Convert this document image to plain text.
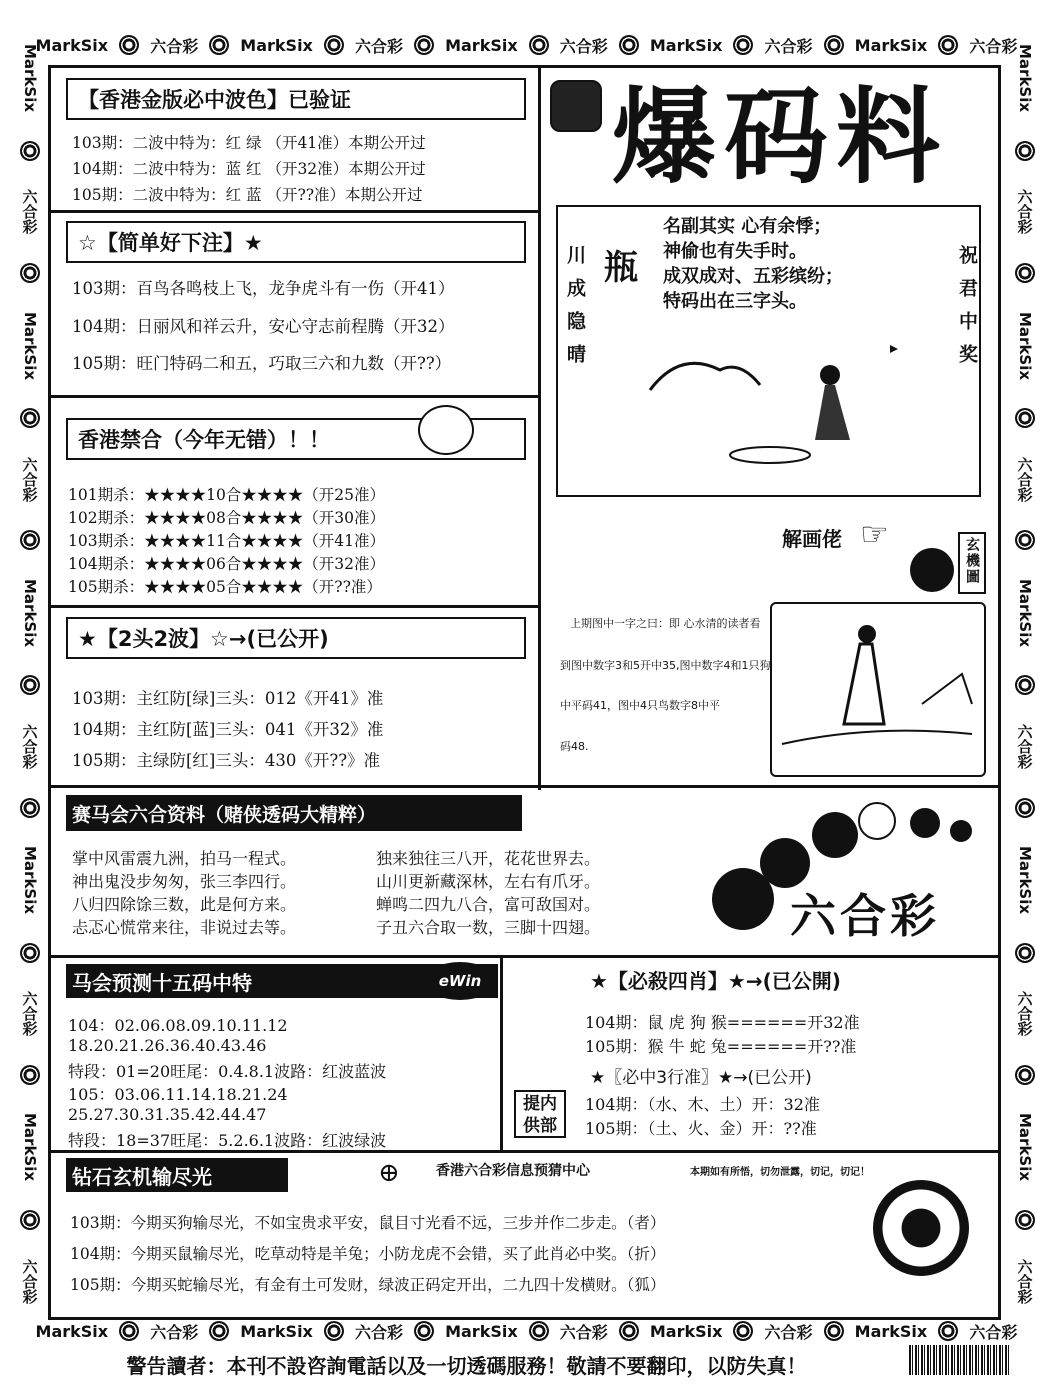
MarkSix	六合彩	MarkSix	六合彩	MarkSix	六合彩	MarkSix	六合彩	MarkSix	六合彩
MarkSix	六合彩	MarkSix	六合彩	MarkSix	六合彩	MarkSix	六合彩	MarkSix	六合彩
MarkSix
六合彩
MarkSix
六合彩
MarkSix
六合彩
MarkSix
六合彩
MarkSix
六合彩
MarkSix
六合彩
MarkSix
六合彩
MarkSix
六合彩
MarkSix
六合彩
MarkSix
六合彩
【香港金版必中波色】已验证
103期：二波中特为：红 绿 （开41准）本期公开过
104期：二波中特为：蓝 红 （开32准）本期公开过
105期：二波中特为：红 蓝 （开??准）本期公开过
☆【简单好下注】★
103期：百鸟各鸣枝上飞，龙争虎斗有一伤（开41）
104期：日丽风和祥云升，安心守志前程腾（开32）
105期：旺门特码二和五，巧取三六和九数（开??）
香港禁合（今年无错）！！
101期杀：★★★★10合★★★★（开25准）
102期杀：★★★★08合★★★★（开30准）
103期杀：★★★★11合★★★★（开41准）
104期杀：★★★★06合★★★★（开32准）
105期杀：★★★★05合★★★★（开??准）
★【2头2波】☆→(已公开)
103期：主红防[绿]三头：012《开41》准
104期：主红防[蓝]三头：041《开32》准
105期：主绿防[红]三头：430《开??》准
爆码料
川成隐晴	祝君中奖
瓶
名副其实 心有余悸；
神偷也有失手时。
成双成对、五彩缤纷；
特码出在三字头。
解画佬 ☞
玄機圖
上期图中一字之曰：即 心水清的读者看
到图中数字3和5开中35,图中数字4和1只狗
中平码41，图中4只鸟数字8中平
码48.
赛马会六合资料（赌侠透码大精粹）
掌中风雷震九洲，拍马一程式。
神出鬼没步匆匆，张三李四行。
八归四除馀三数，此是何方来。
忐忑心慌常来往，非说过去等。
独来独往三八开，花花世界去。
山川更新藏深林，左右有爪牙。
蝉鸣二四九八合，富可敌国对。
子丑六合取一数，三脚十四翅。	六合彩
马会预测十五码中特	eWin
104：02.06.08.09.10.11.12
18.20.21.26.36.40.43.46
特段：01=20旺尾：0.4.8.1波路：红波蓝波
105：03.06.11.14.18.21.24
25.27.30.31.35.42.44.47
特段：18=37旺尾：5.2.6.1波路：红波绿波
★【必殺四肖】★→(已公開)
104期：鼠 虎 狗 猴======开32准
105期：猴 牛 蛇 兔======开??准
★〖必中3行准〗★→(已公开)
104期：（水、木、土）开：32准
105期：（土、火、金）开：??准
提内供部
钻石玄机输尽光	⊕	香港六合彩信息预猜中心	本期如有所悟，切勿泄露，切记，切记！
103期：今期买狗输尽光，不如宝贵求平安，鼠目寸光看不远，三步并作二步走。（者）
104期：今期买鼠输尽光，吃草动特是羊兔；小防龙虎不会错，买了此肖必中奖。（折）
105期：今期买蛇输尽光，有金有土可发财，绿波正码定开出，二九四十发横财。（狐）
警告讀者：本刊不設咨詢電話以及一切透碼服務！敬請不要翻印，以防失真！
